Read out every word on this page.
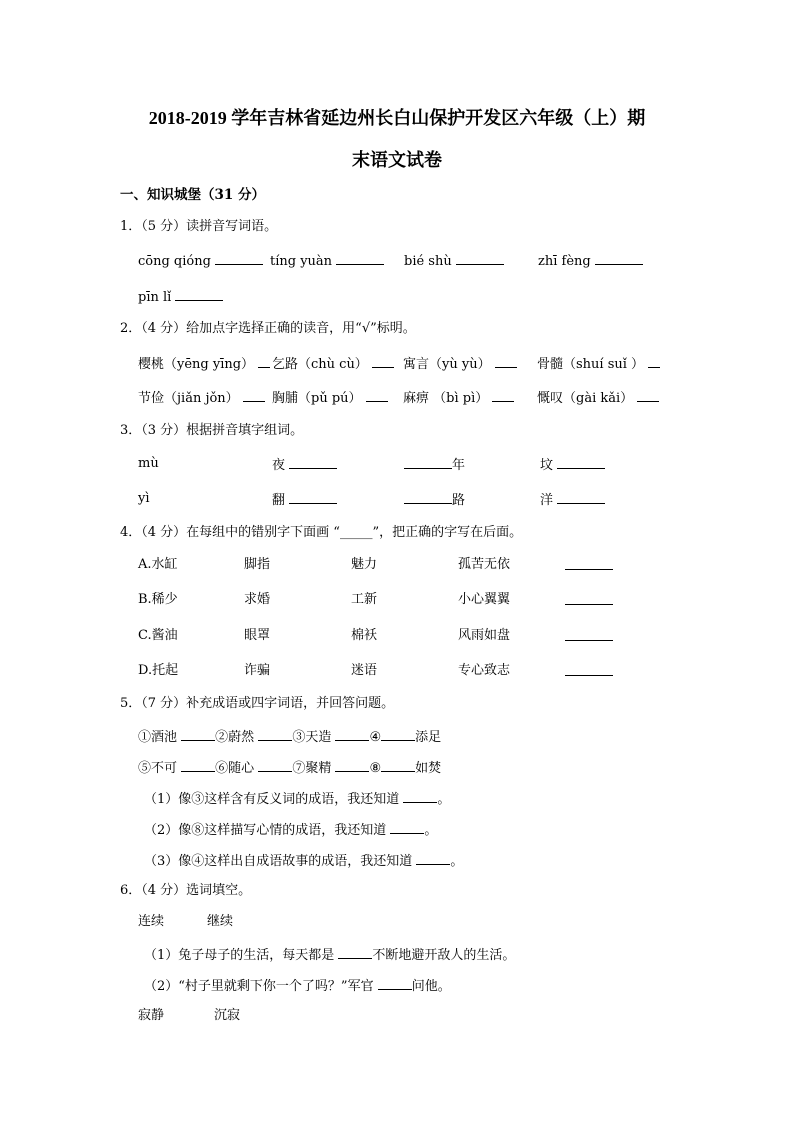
2018-2019 学年吉林省延边州长白山保护开发区六年级（上）期
末语文试卷
一、知识城堡（31 分）
1．（5 分）读拼音写词语。
cōng qióng	tíng yuàn	bié shù	zhī fèng
pīn lǐ
2．（4 分）给加点字选择正确的读音，用“√”标明。
樱桃（yēng yīng）	乞路（chù cù）	寓言（yù yù）	骨髓（shuí suǐ ）
节俭（jiǎn jǒn）	胸脯（pǔ pú）	麻痹 （bì pì）	慨叹（gài kǎi）
3．（3 分）根据拼音填字组词。
mù	夜	年	坟
yì	翻	路	洋
4．（4 分）在每组中的错别字下面画 “_____”，把正确的字写在后面。
A.水缸	脚指	魅力	孤苦无依
B.稀少	求婚	工新	小心翼翼
C.酱油	眼罩	棉袄	风雨如盘
D.托起	诈骗	迷语	专心致志
5．（7 分）补充成语或四字词语，并回答问题。
①酒池	②蔚然	③天造	④	添足
⑤不可	⑥随心	⑦聚精	⑧	如焚
（1）像③这样含有反义词的成语，我还知道	。
（2）像⑧这样描写心情的成语，我还知道	。
（3）像④这样出自成语故事的成语，我还知道	。
6．（4 分）选词填空。
连续	继续
（1）兔子母子的生活，每天都是	不断地避开敌人的生活。
（2）“村子里就剩下你一个了吗？”军官	问他。
寂静	沉寂
